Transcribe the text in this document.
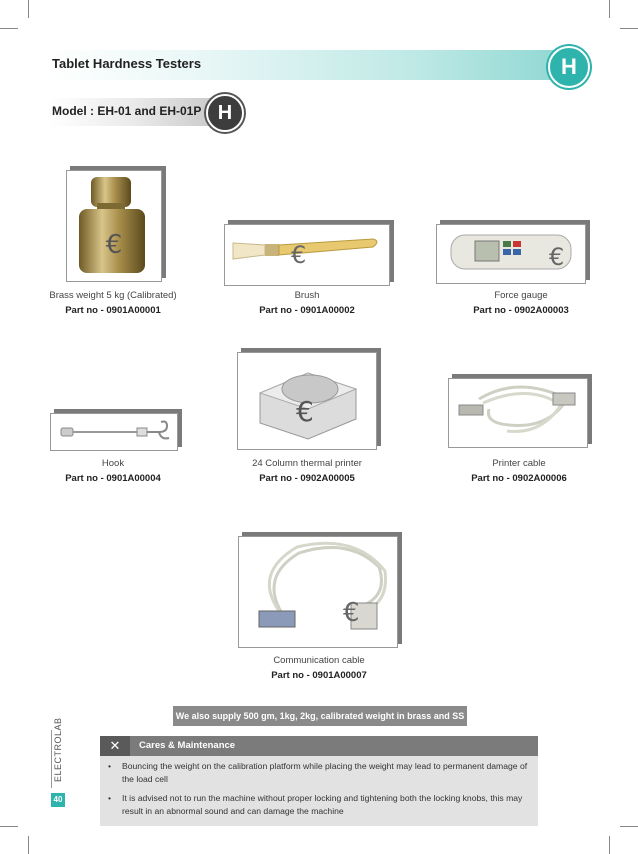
Tablet Hardness Testers	H
Model : EH-01 and EH-01P H
€
Brass weight 5 kg (Calibrated)
Part no - 0901A00001
€
Brush
Part no - 0901A00002
€
Force gauge
Part no - 0902A00003
Hook
Part no - 0901A00004
€
24 Column thermal printer
Part no - 0902A00005
Printer cable
Part no - 0902A00006
€
Communication cable
Part no - 0901A00007
We also supply 500 gm, 1kg, 2kg, calibrated weight in brass and SS
✕	Cares & Maintenance
•	Bouncing the weight on the calibration platform while placing the weight may lead to permanent damage of the load cell
•	It is advised not to run the machine without proper locking and tightening both the locking knobs, this may result in an abnormal sound and can damage the machine
ELECTROLAB
40
